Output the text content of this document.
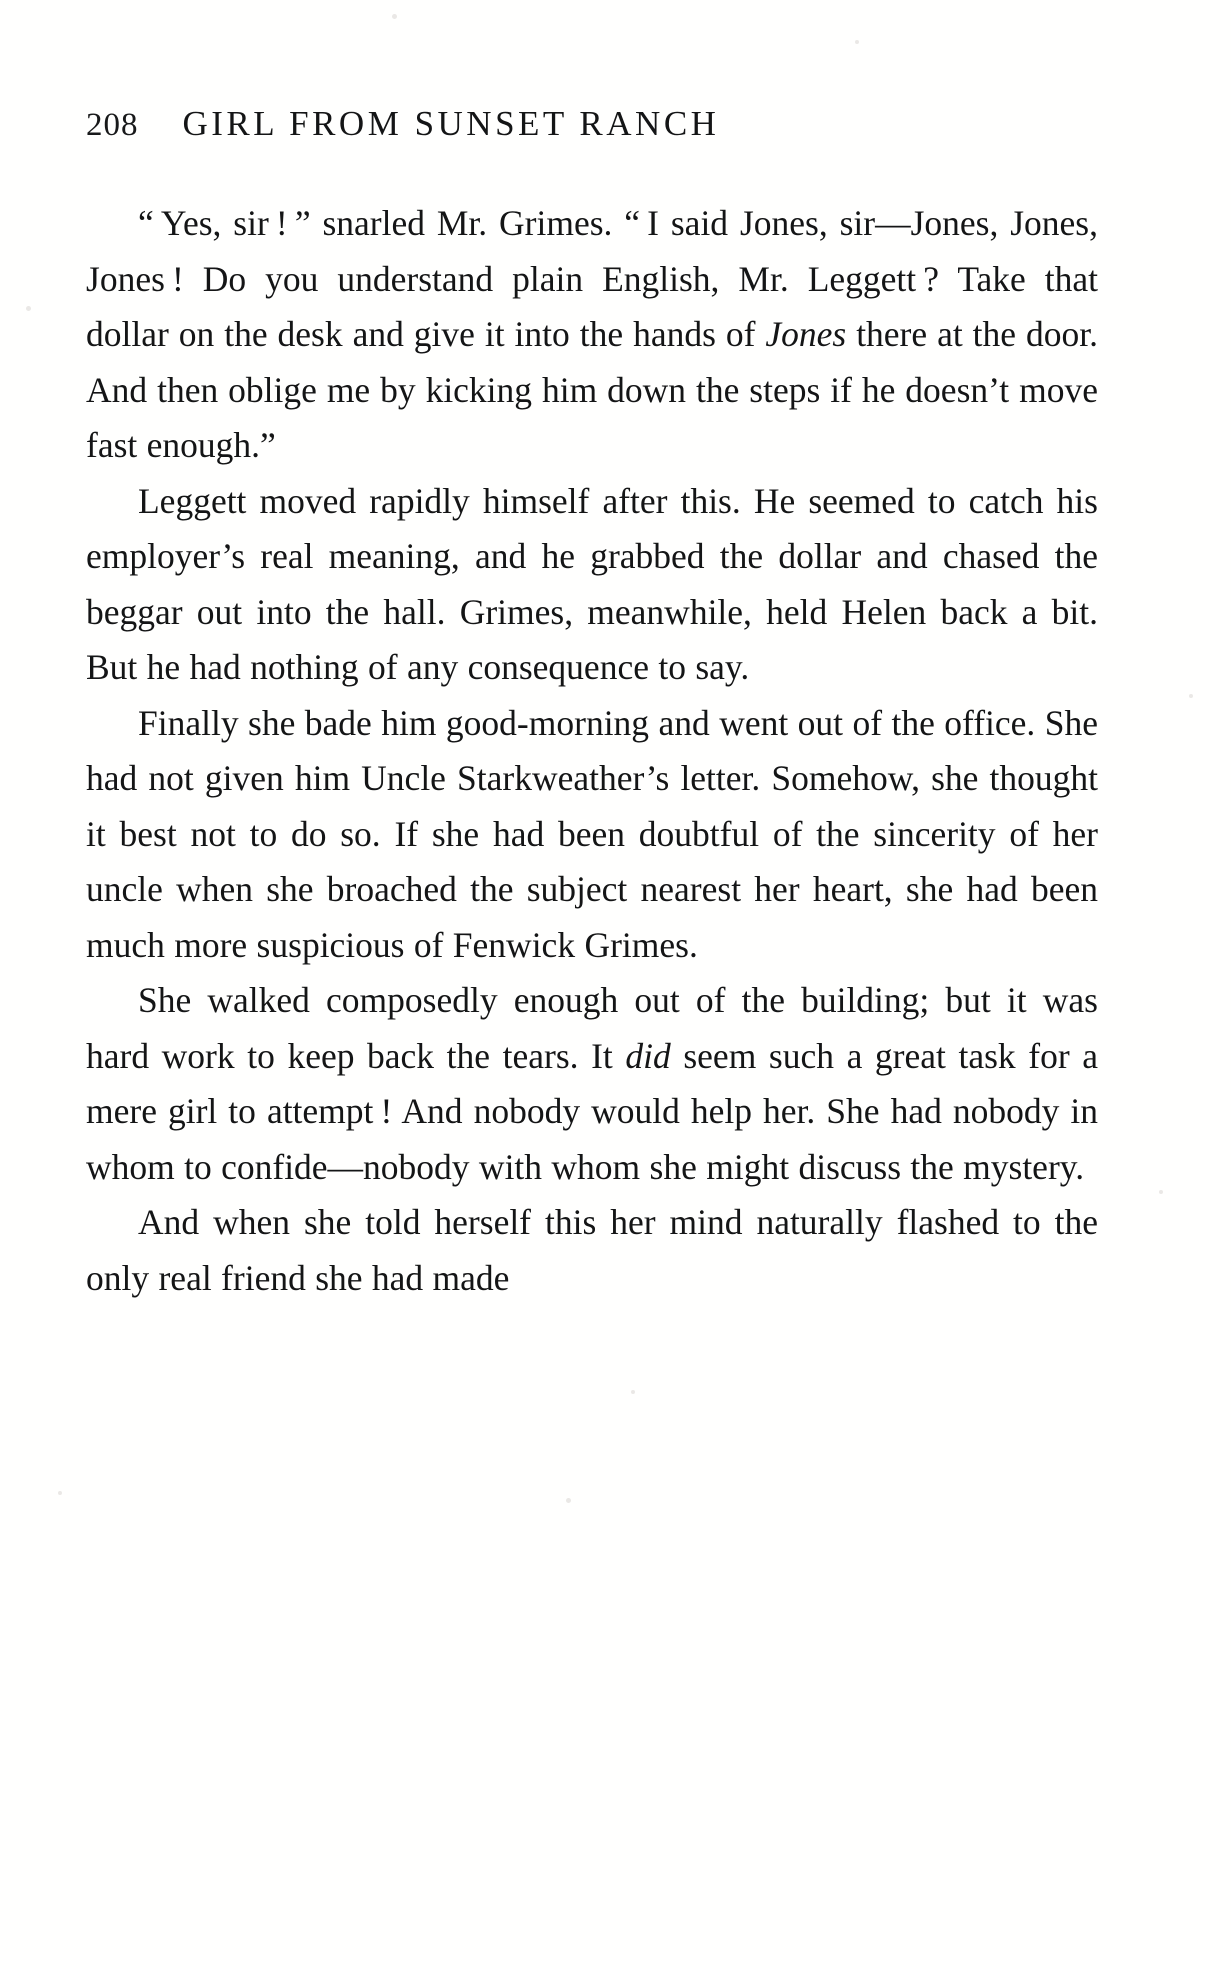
208 GIRL FROM SUNSET RANCH

“ Yes, sir ! ” snarled Mr. Grimes. “ I said Jones, sir—Jones, Jones, Jones ! Do you understand plain English, Mr. Leggett ? Take that dollar on the desk and give it into the hands of Jones there at the door. And then oblige me by kicking him down the steps if he doesn’t move fast enough.”

Leggett moved rapidly himself after this. He seemed to catch his employer’s real meaning, and he grabbed the dollar and chased the beggar out into the hall. Grimes, meanwhile, held Helen back a bit. But he had nothing of any consequence to say.

Finally she bade him good-morning and went out of the office. She had not given him Uncle Starkweather’s letter. Somehow, she thought it best not to do so. If she had been doubtful of the sincerity of her uncle when she broached the subject nearest her heart, she had been much more suspicious of Fenwick Grimes.

She walked composedly enough out of the building; but it was hard work to keep back the tears. It did seem such a great task for a mere girl to attempt ! And nobody would help her. She had nobody in whom to confide—nobody with whom she might discuss the mystery.

And when she told herself this her mind naturally flashed to the only real friend she had made
